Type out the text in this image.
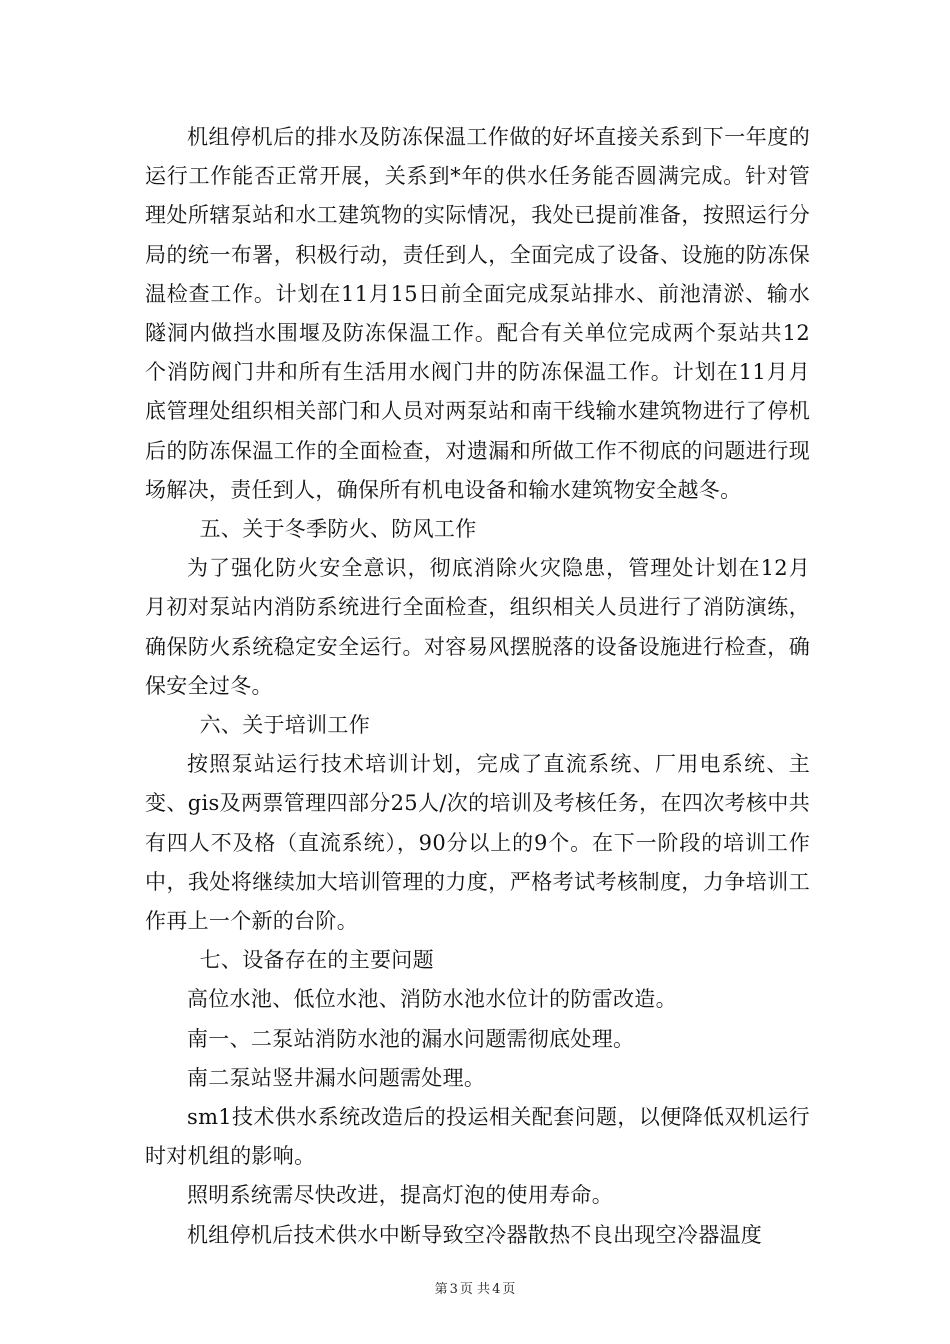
机组停机后的排水及防冻保温工作做的好坏直接关系到下一年度的运行工作能否正常开展，关系到*年的供水任务能否圆满完成。针对管理处所辖泵站和水工建筑物的实际情况，我处已提前准备，按照运行分局的统一布署，积极行动，责任到人，全面完成了设备、设施的防冻保温检查工作。计划在11月15日前全面完成泵站排水、前池清淤、输水隧洞内做挡水围堰及防冻保温工作。配合有关单位完成两个泵站共12个消防阀门井和所有生活用水阀门井的防冻保温工作。计划在11月月底管理处组织相关部门和人员对两泵站和南干线输水建筑物进行了停机后的防冻保温工作的全面检查，对遗漏和所做工作不彻底的问题进行现场解决，责任到人，确保所有机电设备和输水建筑物安全越冬。

五、关于冬季防火、防风工作

为了强化防火安全意识，彻底消除火灾隐患，管理处计划在12月月初对泵站内消防系统进行全面检查，组织相关人员进行了消防演练，确保防火系统稳定安全运行。对容易风摆脱落的设备设施进行检查，确保安全过冬。

六、关于培训工作

按照泵站运行技术培训计划，完成了直流系统、厂用电系统、主变、gis及两票管理四部分25人/次的培训及考核任务，在四次考核中共有四人不及格（直流系统），90分以上的9个。在下一阶段的培训工作中，我处将继续加大培训管理的力度，严格考试考核制度，力争培训工作再上一个新的台阶。

七、设备存在的主要问题

高位水池、低位水池、消防水池水位计的防雷改造。

南一、二泵站消防水池的漏水问题需彻底处理。

南二泵站竖井漏水问题需处理。

sm1技术供水系统改造后的投运相关配套问题，以便降低双机运行时对机组的影响。

照明系统需尽快改进，提高灯泡的使用寿命。

机组停机后技术供水中断导致空冷器散热不良出现空冷器温度

第 3 页 共 4 页
